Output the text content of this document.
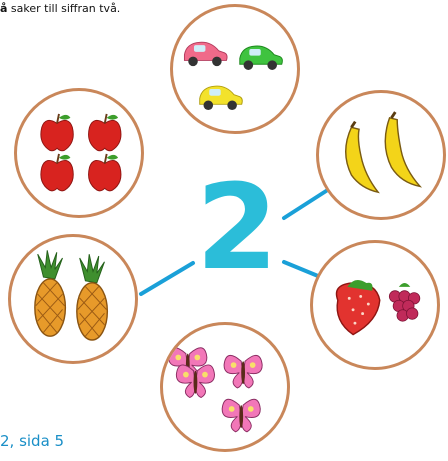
å saker till siffran två.
2
2, sida 5
